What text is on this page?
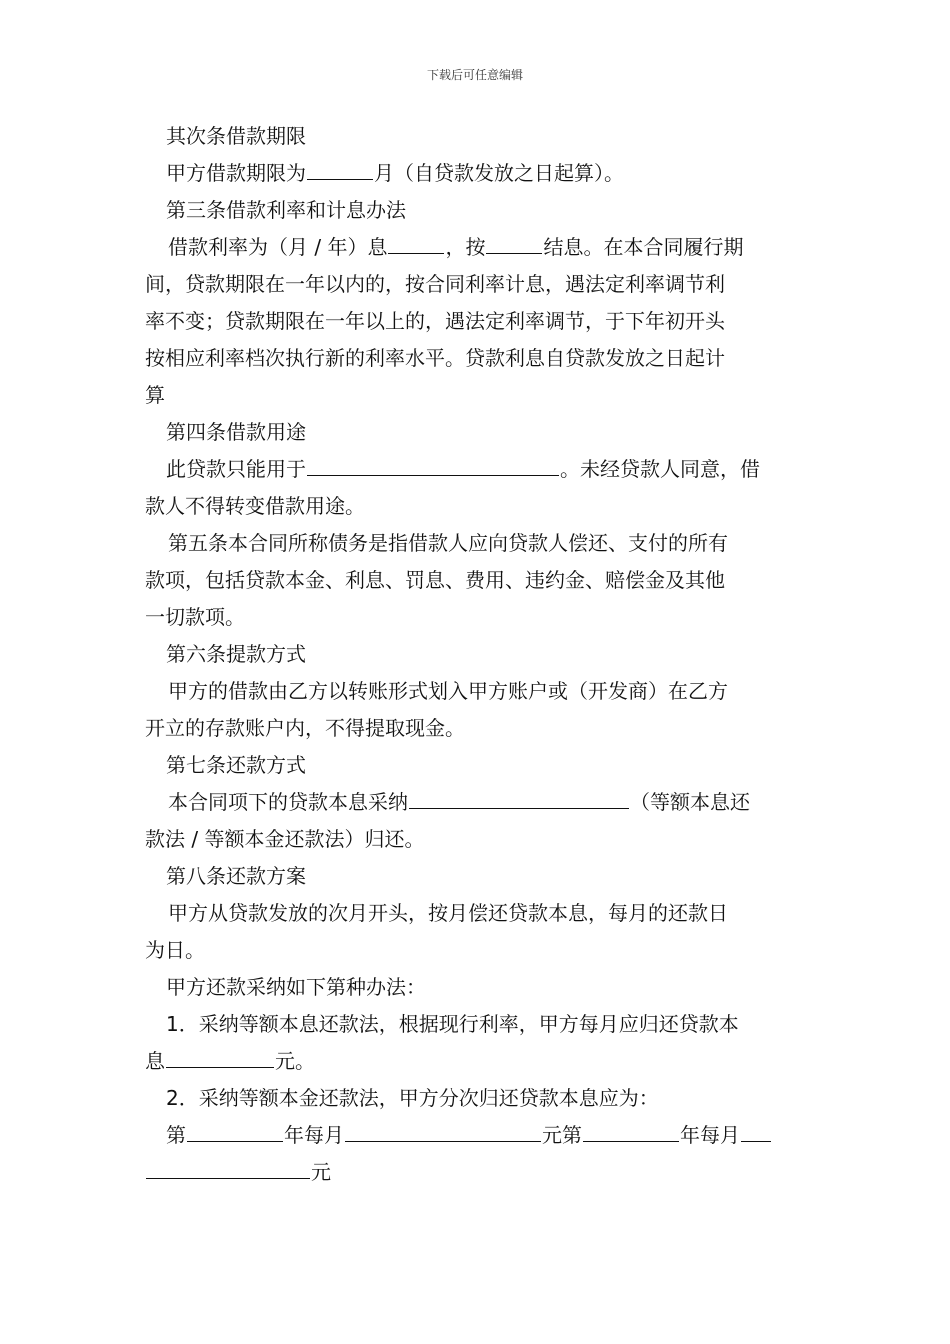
下载后可任意编辑
其次条借款期限
甲方借款期限为	月（自贷款发放之日起算）。
第三条借款利率和计息办法
借款利率为（月 / 年）息	，按	结息。在本合同履行期
间，贷款期限在一年以内的，按合同利率计息，遇法定利率调节利
率不变；贷款期限在一年以上的，遇法定利率调节，于下年初开头
按相应利率档次执行新的利率水平。贷款利息自贷款发放之日起计
算
第四条借款用途
此贷款只能用于	。未经贷款人同意，借
款人不得转变借款用途。
第五条本合同所称债务是指借款人应向贷款人偿还、支付的所有
款项，包括贷款本金、利息、罚息、费用、违约金、赔偿金及其他
一切款项。
第六条提款方式
甲方的借款由乙方以转账形式划入甲方账户或（开发商）在乙方
开立的存款账户内，不得提取现金。
第七条还款方式
本合同项下的贷款本息采纳	（等额本息还
款法 / 等额本金还款法）归还。
第八条还款方案
甲方从贷款发放的次月开头，按月偿还贷款本息，每月的还款日
为日。
甲方还款采纳如下第种办法：
1．采纳等额本息还款法，根据现行利率，甲方每月应归还贷款本
息	元。
2．采纳等额本金还款法，甲方分次归还贷款本息应为：
第	年每月	元第	年每月
元
